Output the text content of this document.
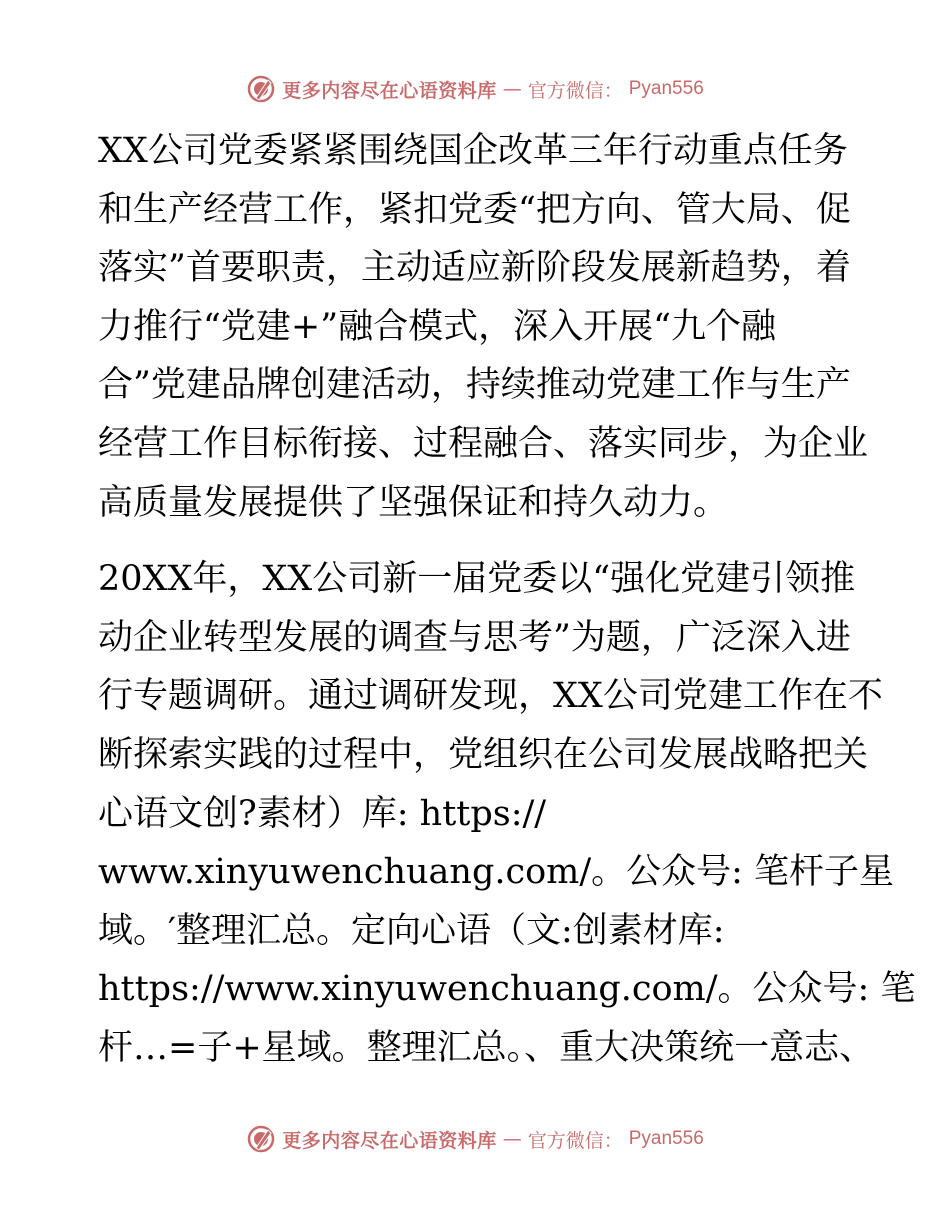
更多内容尽在心语资料库 — 官方微信： Pyan556

XX公司党委紧紧围绕国企改革三年行动重点任务
和生产经营工作，紧扣党委“把方向、管大局、促
落实”首要职责，主动适应新阶段发展新趋势，着
力推行“党建+”融合模式，深入开展“九个融
合”党建品牌创建活动，持续推动党建工作与生产
经营工作目标衔接、过程融合、落实同步，为企业
高质量发展提供了坚强保证和持久动力。

20XX年，XX公司新一届党委以“强化党建引领推
动企业转型发展的调查与思考”为题，广泛深入进
行专题调研。通过调研发现，XX公司党建工作在不
断探索实践的过程中，党组织在公司发展战略把关
心语文创?素材）库: https://
www.xinyuwenchuang.com/。公众号: 笔杆子星
域。′整理汇总。定向心语（文:创素材库:
https://www.xinyuwenchuang.com/。公众号: 笔
杆…=子+星域。整理汇总。、重大决策统一意志、

更多内容尽在心语资料库 — 官方微信： Pyan556
